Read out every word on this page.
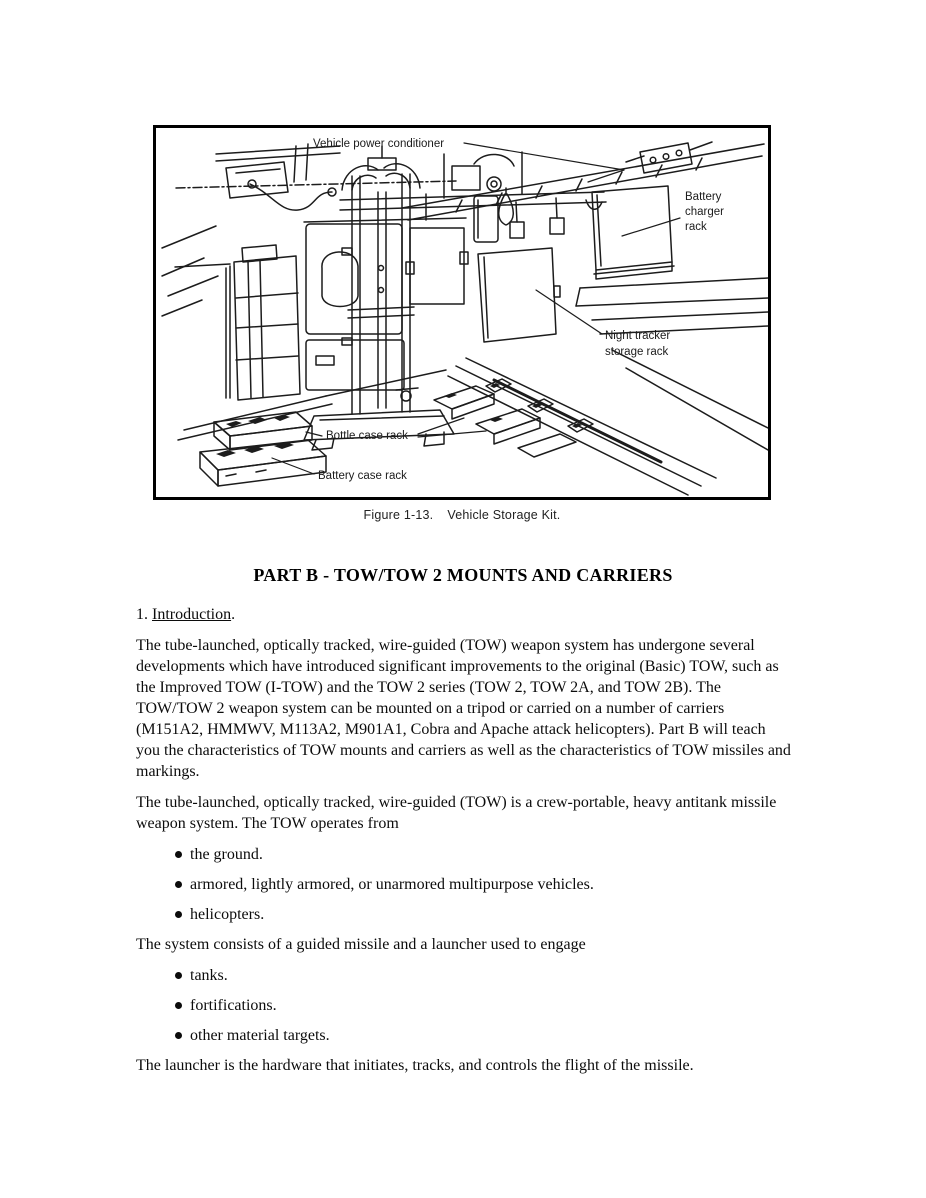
Vehicle power conditioner
Battery
charger
rack
Night tracker
storage rack
Bottle case rack
Battery case rack
Figure 1-13. Vehicle Storage Kit.
PART B - TOW/TOW 2 MOUNTS AND CARRIERS

1. Introduction.

The tube-launched, optically tracked, wire-guided (TOW) weapon system has undergone several developments which have introduced significant improvements to the original (Basic) TOW, such as the Improved TOW (I-TOW) and the TOW 2 series (TOW 2, TOW 2A, and TOW 2B). The TOW/TOW 2 weapon system can be mounted on a tripod or carried on a number of carriers (M151A2, HMMWV, M113A2, M901A1, Cobra and Apache attack helicopters). Part B will teach you the characteristics of TOW mounts and carriers as well as the characteristics of TOW missiles and markings.

The tube-launched, optically tracked, wire-guided (TOW) is a crew-portable, heavy antitank missile weapon system. The TOW operates from

the ground.
armored, lightly armored, or unarmored multipurpose vehicles.
helicopters.

The system consists of a guided missile and a launcher used to engage

tanks.
fortifications.
other material targets.

The launcher is the hardware that initiates, tracks, and controls the flight of the missile.
